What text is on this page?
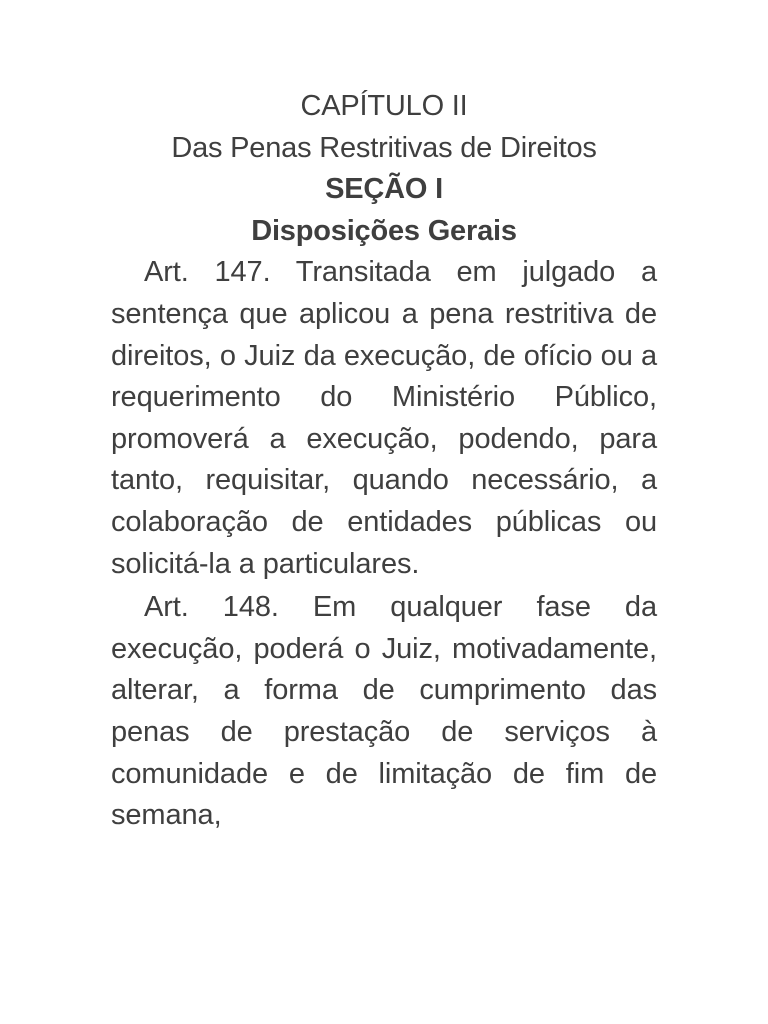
CAPÍTULO II

Das Penas Restritivas de Direitos

SEÇÃO I

Disposições Gerais

Art. 147. Transitada em julgado a sentença que aplicou a pena restritiva de direitos, o Juiz da execução, de ofício ou a requerimento do Ministério Público, promoverá a execução, podendo, para tanto, requisitar, quando necessário, a colaboração de entidades públicas ou solicitá-la a particulares.

Art. 148. Em qualquer fase da execução, poderá o Juiz, motivadamente, alterar, a forma de cumprimento das penas de prestação de serviços à comunidade e de limitação de fim de semana,
